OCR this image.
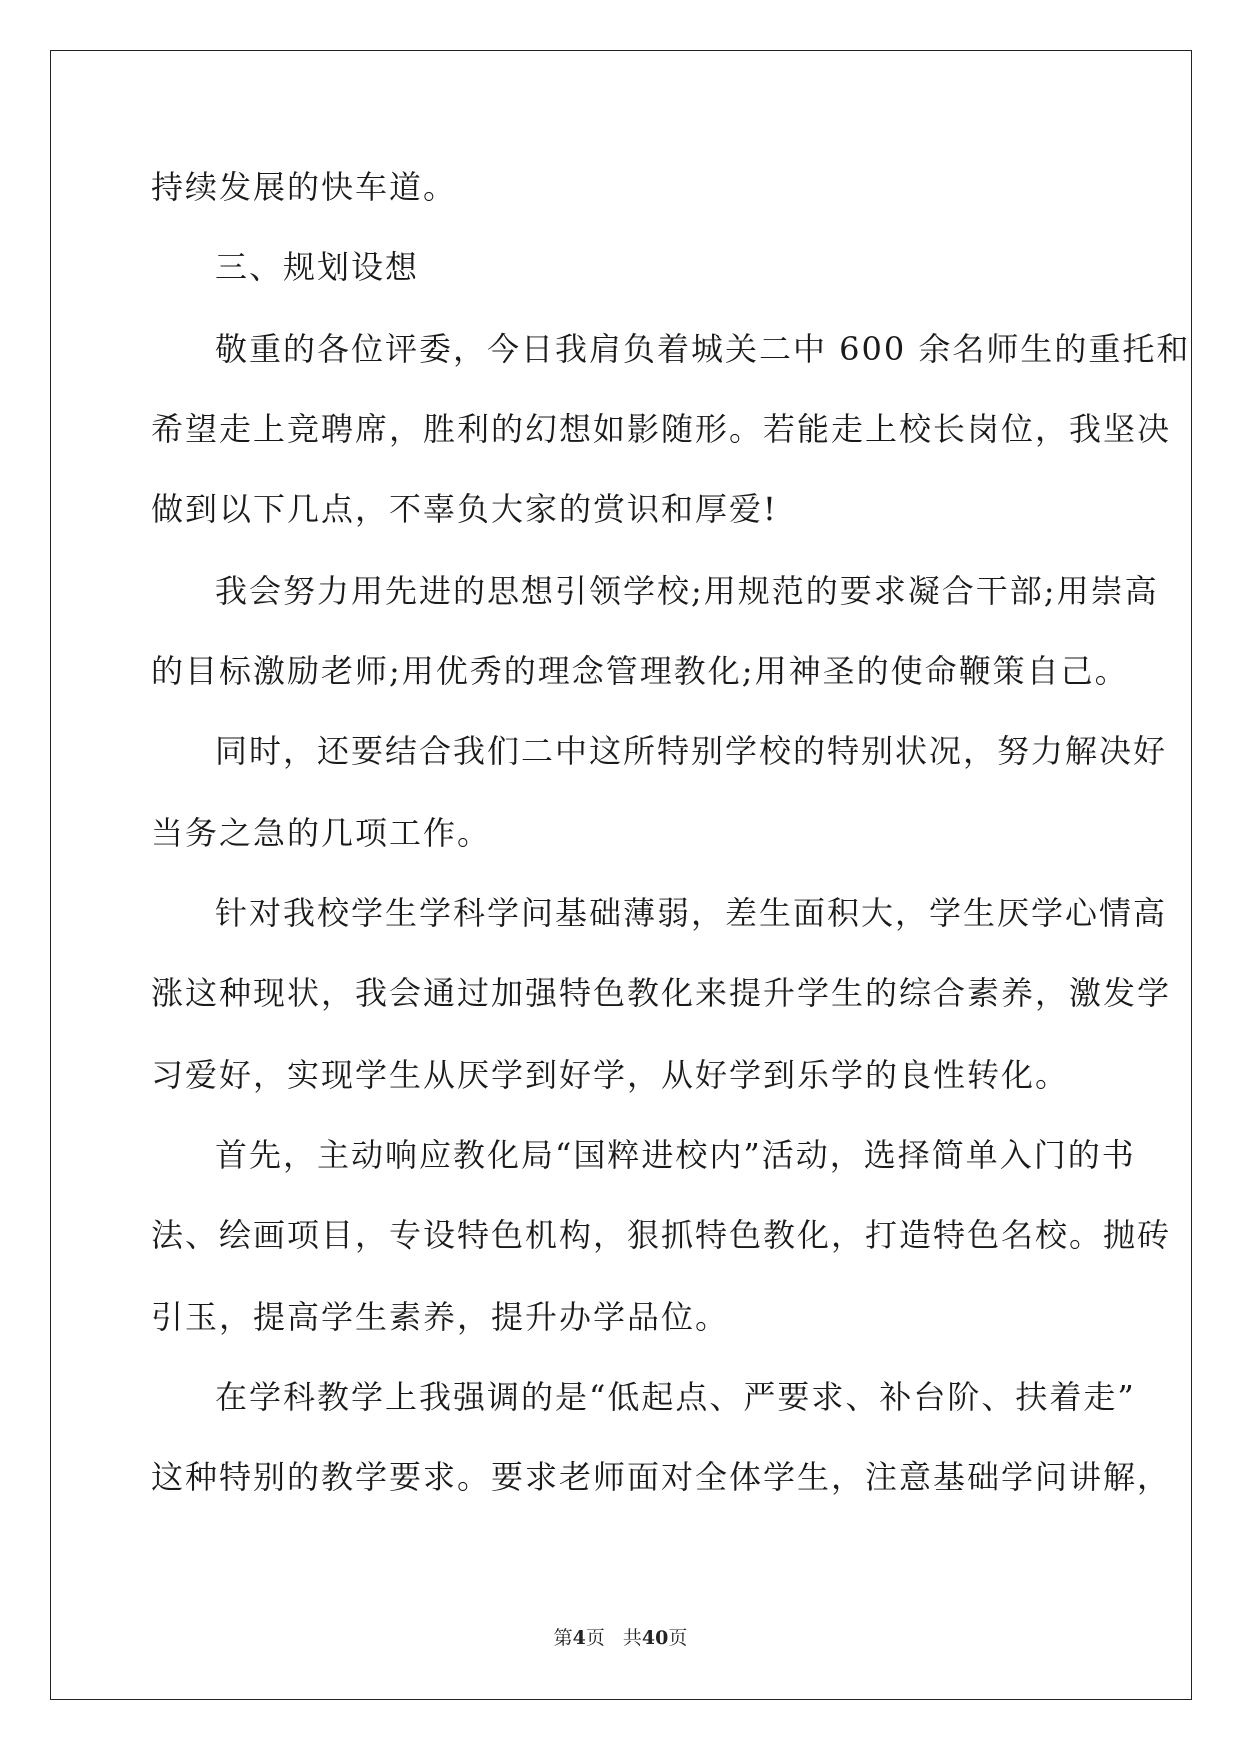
持续发展的快车道。
三、规划设想
敬重的各位评委，今日我肩负着城关二中 600 余名师生的重托和
希望走上竞聘席，胜利的幻想如影随形。若能走上校长岗位，我坚决
做到以下几点，不辜负大家的赏识和厚爱!
我会努力用先进的思想引领学校;用规范的要求凝合干部;用崇高
的目标激励老师;用优秀的理念管理教化;用神圣的使命鞭策自己。
同时，还要结合我们二中这所特别学校的特别状况，努力解决好
当务之急的几项工作。
针对我校学生学科学问基础薄弱，差生面积大，学生厌学心情高
涨这种现状，我会通过加强特色教化来提升学生的综合素养，激发学
习爱好，实现学生从厌学到好学，从好学到乐学的良性转化。
首先，主动响应教化局“国粹进校内”活动，选择简单入门的书
法、绘画项目，专设特色机构，狠抓特色教化，打造特色名校。抛砖
引玉，提高学生素养，提升办学品位。
在学科教学上我强调的是“低起点、严要求、补台阶、扶着走”
这种特别的教学要求。要求老师面对全体学生，注意基础学问讲解，
第4页 共40页
